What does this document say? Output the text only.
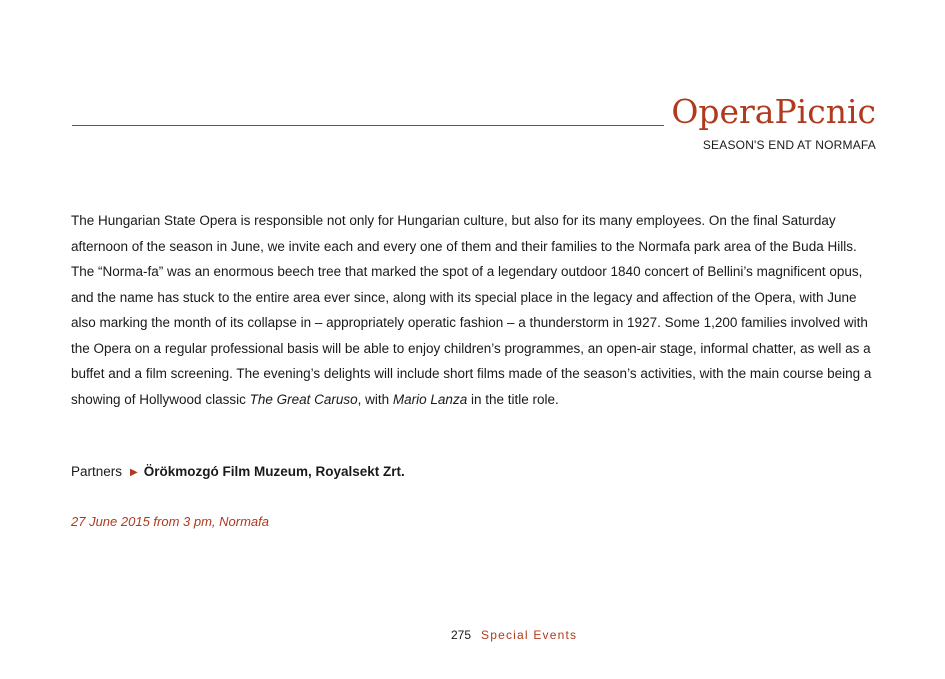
OperaPicnic
SEASON'S END AT NORMAFA

The Hungarian State Opera is responsible not only for Hungarian culture, but also for its many employees. On the final Saturday afternoon of the season in June, we invite each and every one of them and their families to the Normafa park area of the Buda Hills. The “Norma-fa” was an enormous beech tree that marked the spot of a legendary outdoor 1840 concert of Bellini’s magnificent opus, and the name has stuck to the entire area ever since, along with its special place in the legacy and affection of the Opera, with June also marking the month of its collapse in – appropriately operatic fashion – a thunderstorm in 1927. Some 1,200 families involved with the Opera on a regular professional basis will be able to enjoy children’s programmes, an open-air stage, informal chatter, as well as a buffet and a film screening. The evening’s delights will include short films made of the season’s activities, with the main course being a showing of Hollywood classic The Great Caruso, with Mario Lanza in the title role.

Partners ▶ Örökmozgó Film Muzeum, Royalsekt Zrt.
27 June 2015 from 3 pm, Normafa
275 Special Events
